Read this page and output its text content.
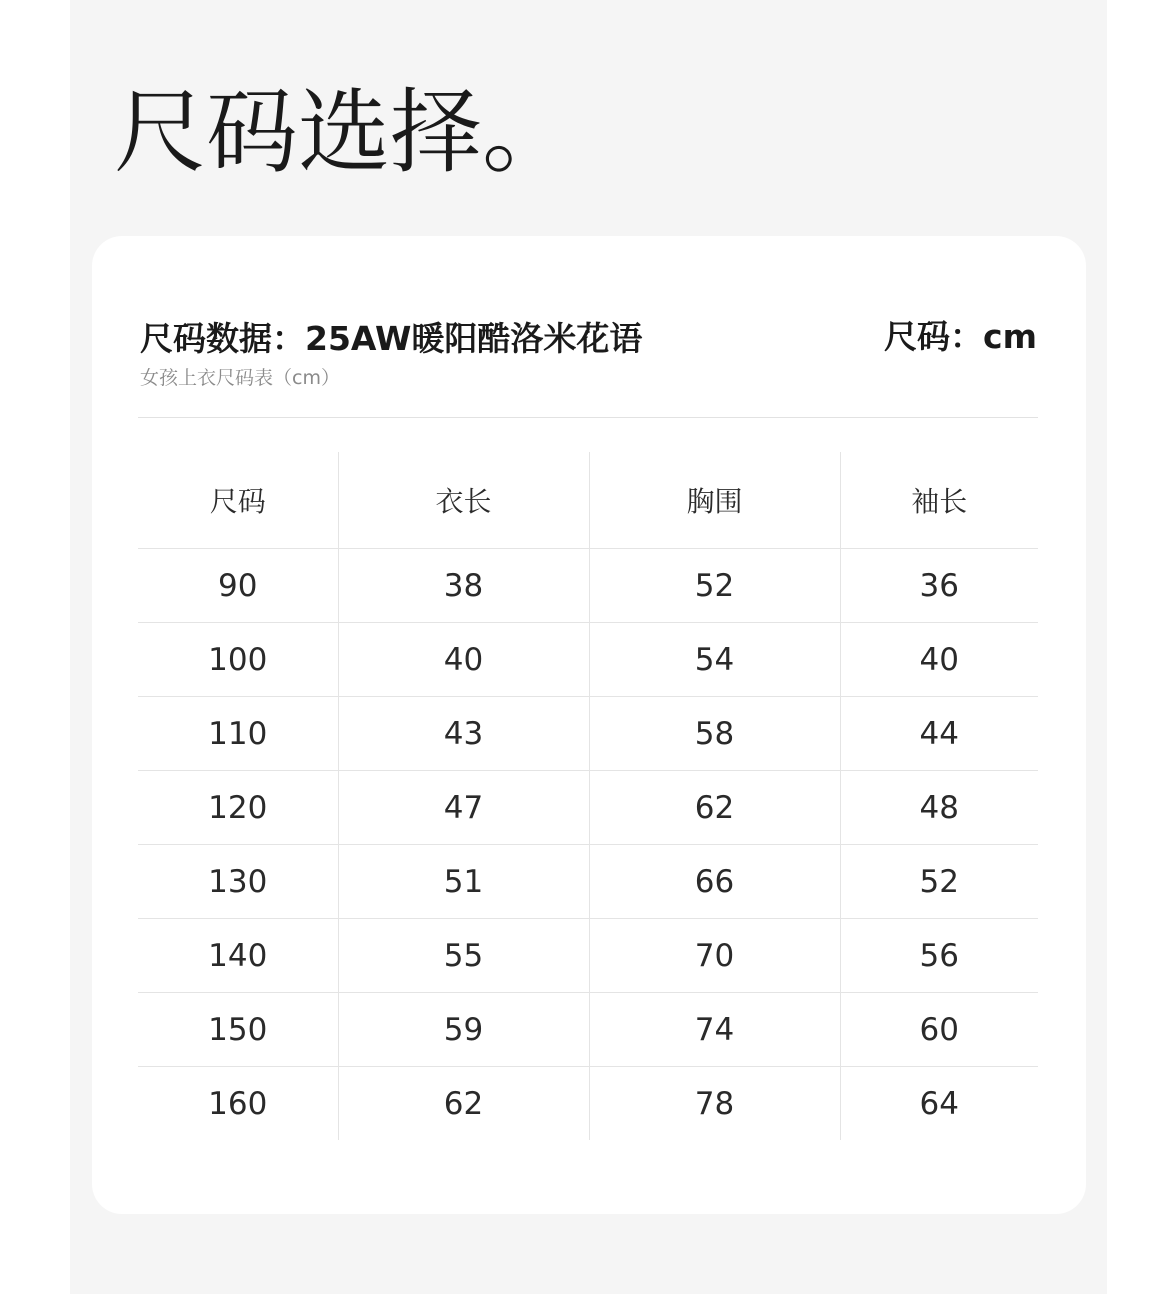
尺码选择。
尺码数据：25AW暖阳酷洛米花语	尺码：cm
女孩上衣尺码表（cm）
尺码	衣长	胸围	袖长
90	38	52	36
100	40	54	40
110	43	58	44
120	47	62	48
130	51	66	52
140	55	70	56
150	59	74	60
160	62	78	64
